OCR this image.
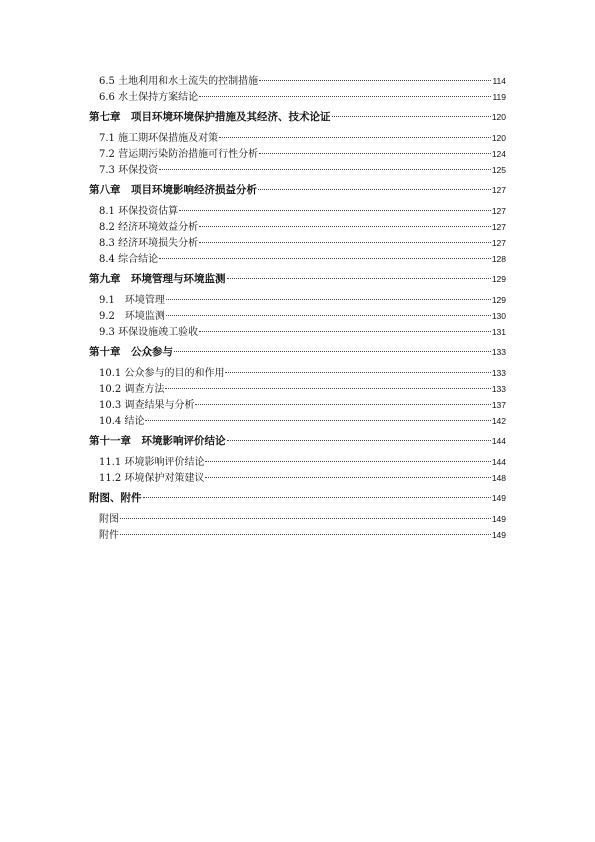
6.5 土地利用和水土流失的控制措施	114
6.6 水土保持方案结论	119
第七章　项目环境环境保护措施及其经济、技术论证	120
7.1 施工期环保措施及对策	120
7.2 营运期污染防治措施可行性分析	124
7.3 环保投资	125
第八章　项目环境影响经济损益分析	127
8.1 环保投资估算	127
8.2 经济环境效益分析	127
8.3 经济环境损失分析	127
8.4 综合结论	128
第九章　环境管理与环境监测	129
9.1　环境管理	129
9.2　环境监测	130
9.3 环保设施竣工验收	131
第十章　公众参与	133
10.1 公众参与的目的和作用	133
10.2 调查方法	133
10.3 调查结果与分析	137
10.4 结论	142
第十一章　环境影响评价结论	144
11.1 环境影响评价结论	144
11.2 环境保护对策建议	148
附图、附件	149
附图	149
附件	149
